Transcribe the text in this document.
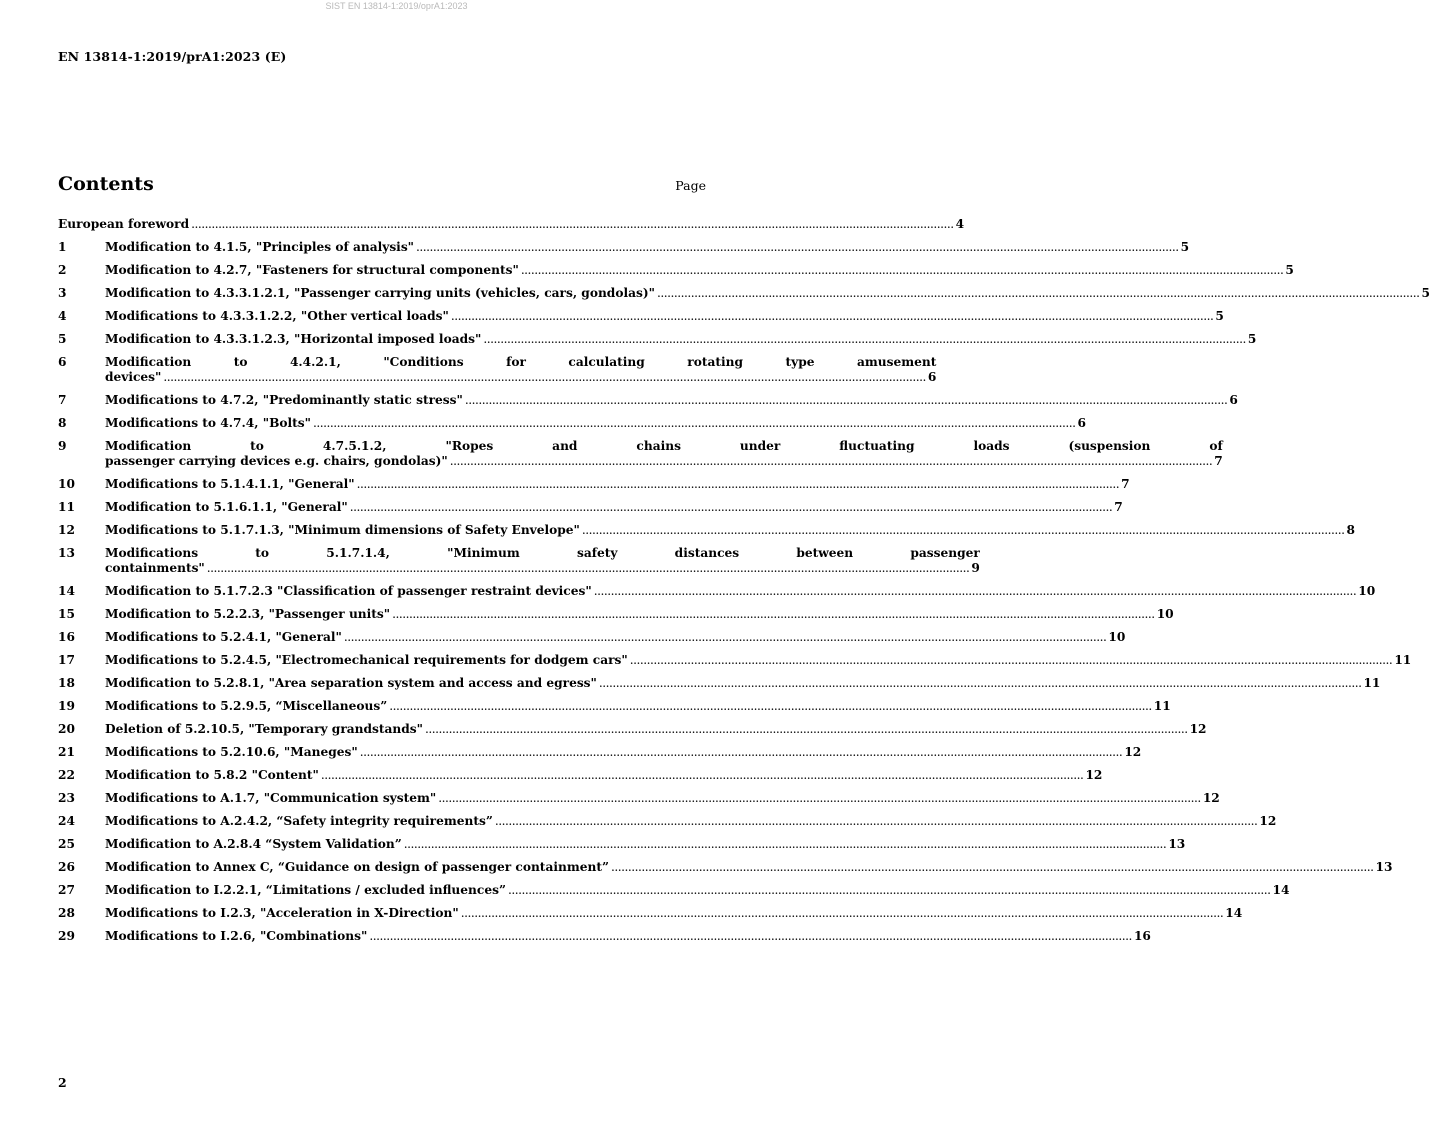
SIST EN 13814-1:2019/oprA1:2023
EN 13814-1:2019/prA1:2023 (E)
Contents	Page
European foreword .....	4
1	Modification to 4.1.5, "Principles of analysis" .....	5
2	Modification to 4.2.7, "Fasteners for structural components" .....	5
3	Modification to 4.3.3.1.2.1, "Passenger carrying units (vehicles, cars, gondolas)" .....	5
4	Modifications to 4.3.3.1.2.2, "Other vertical loads" .....	5
5	Modification to 4.3.3.1.2.3, "Horizontal imposed loads" .....	5
6	Modification to 4.4.2.1, "Conditions for calculating rotating type amusement
devices" .....	6
7	Modifications to 4.7.2, "Predominantly static stress" .....	6
8	Modifications to 4.7.4, "Bolts" .....	6
9	Modification to 4.7.5.1.2, "Ropes and chains under fluctuating loads (suspension of
passenger carrying devices e.g. chairs, gondolas)" .....	7
10	Modifications to 5.1.4.1.1, "General" .....	7
11	Modification to 5.1.6.1.1, "General" .....	7
12	Modifications to 5.1.7.1.3, "Minimum dimensions of Safety Envelope" .....	8
13	Modifications to 5.1.7.1.4, "Minimum safety distances between passenger
containments" .....	9
14	Modification to 5.1.7.2.3 "Classification of passenger restraint devices" .....	10
15	Modification to 5.2.2.3, "Passenger units" .....	10
16	Modifications to 5.2.4.1, "General" .....	10
17	Modifications to 5.2.4.5, "Electromechanical requirements for dodgem cars" .....	11
18	Modification to 5.2.8.1, "Area separation system and access and egress" .....	11
19	Modifications to 5.2.9.5, “Miscellaneous” .....	11
20	Deletion of 5.2.10.5, "Temporary grandstands" .....	12
21	Modifications to 5.2.10.6, "Maneges" .....	12
22	Modification to 5.8.2 "Content" .....	12
23	Modifications to A.1.7, "Communication system" .....	12
24	Modifications to A.2.4.2, “Safety integrity requirements” .....	12
25	Modification to A.2.8.4 “System Validation” .....	13
26	Modification to Annex C, “Guidance on design of passenger containment” .....	13
27	Modification to I.2.2.1, “Limitations / excluded influences” .....	14
28	Modifications to I.2.3, "Acceleration in X-Direction" .....	14
29	Modifications to I.2.6, "Combinations" .....	16
2
